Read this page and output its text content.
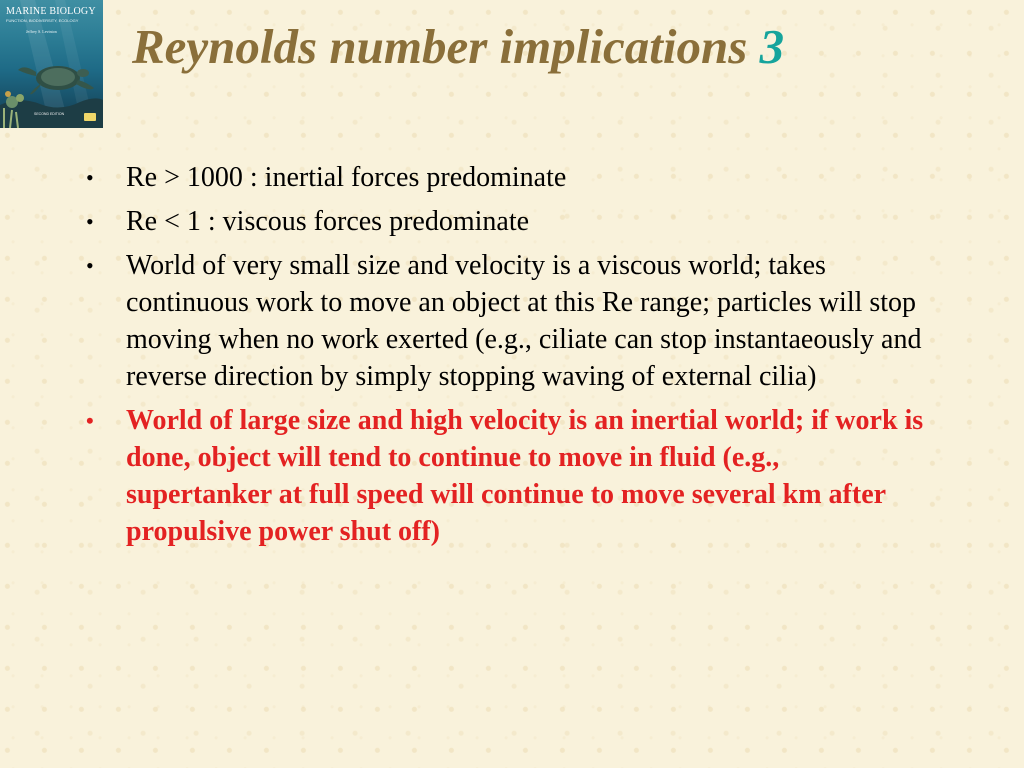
MARINE BIOLOGY
FUNCTION, BIODIVERSITY, ECOLOGY
Jeffrey S. Levinton
SECOND EDITION
Reynolds number implications 3
• Re > 1000 : inertial forces predominate
• Re < 1 : viscous forces predominate
• World of very small size and velocity is a viscous world; takes continuous work to move an object at this Re range; particles will stop moving when no work exerted (e.g., ciliate can stop instantaeously and reverse direction by simply stopping waving of external cilia)
• World of large size and high velocity is an inertial world; if work is done, object will tend to continue to move in fluid (e.g., supertanker at full speed will continue to move several km after propulsive power shut off)
